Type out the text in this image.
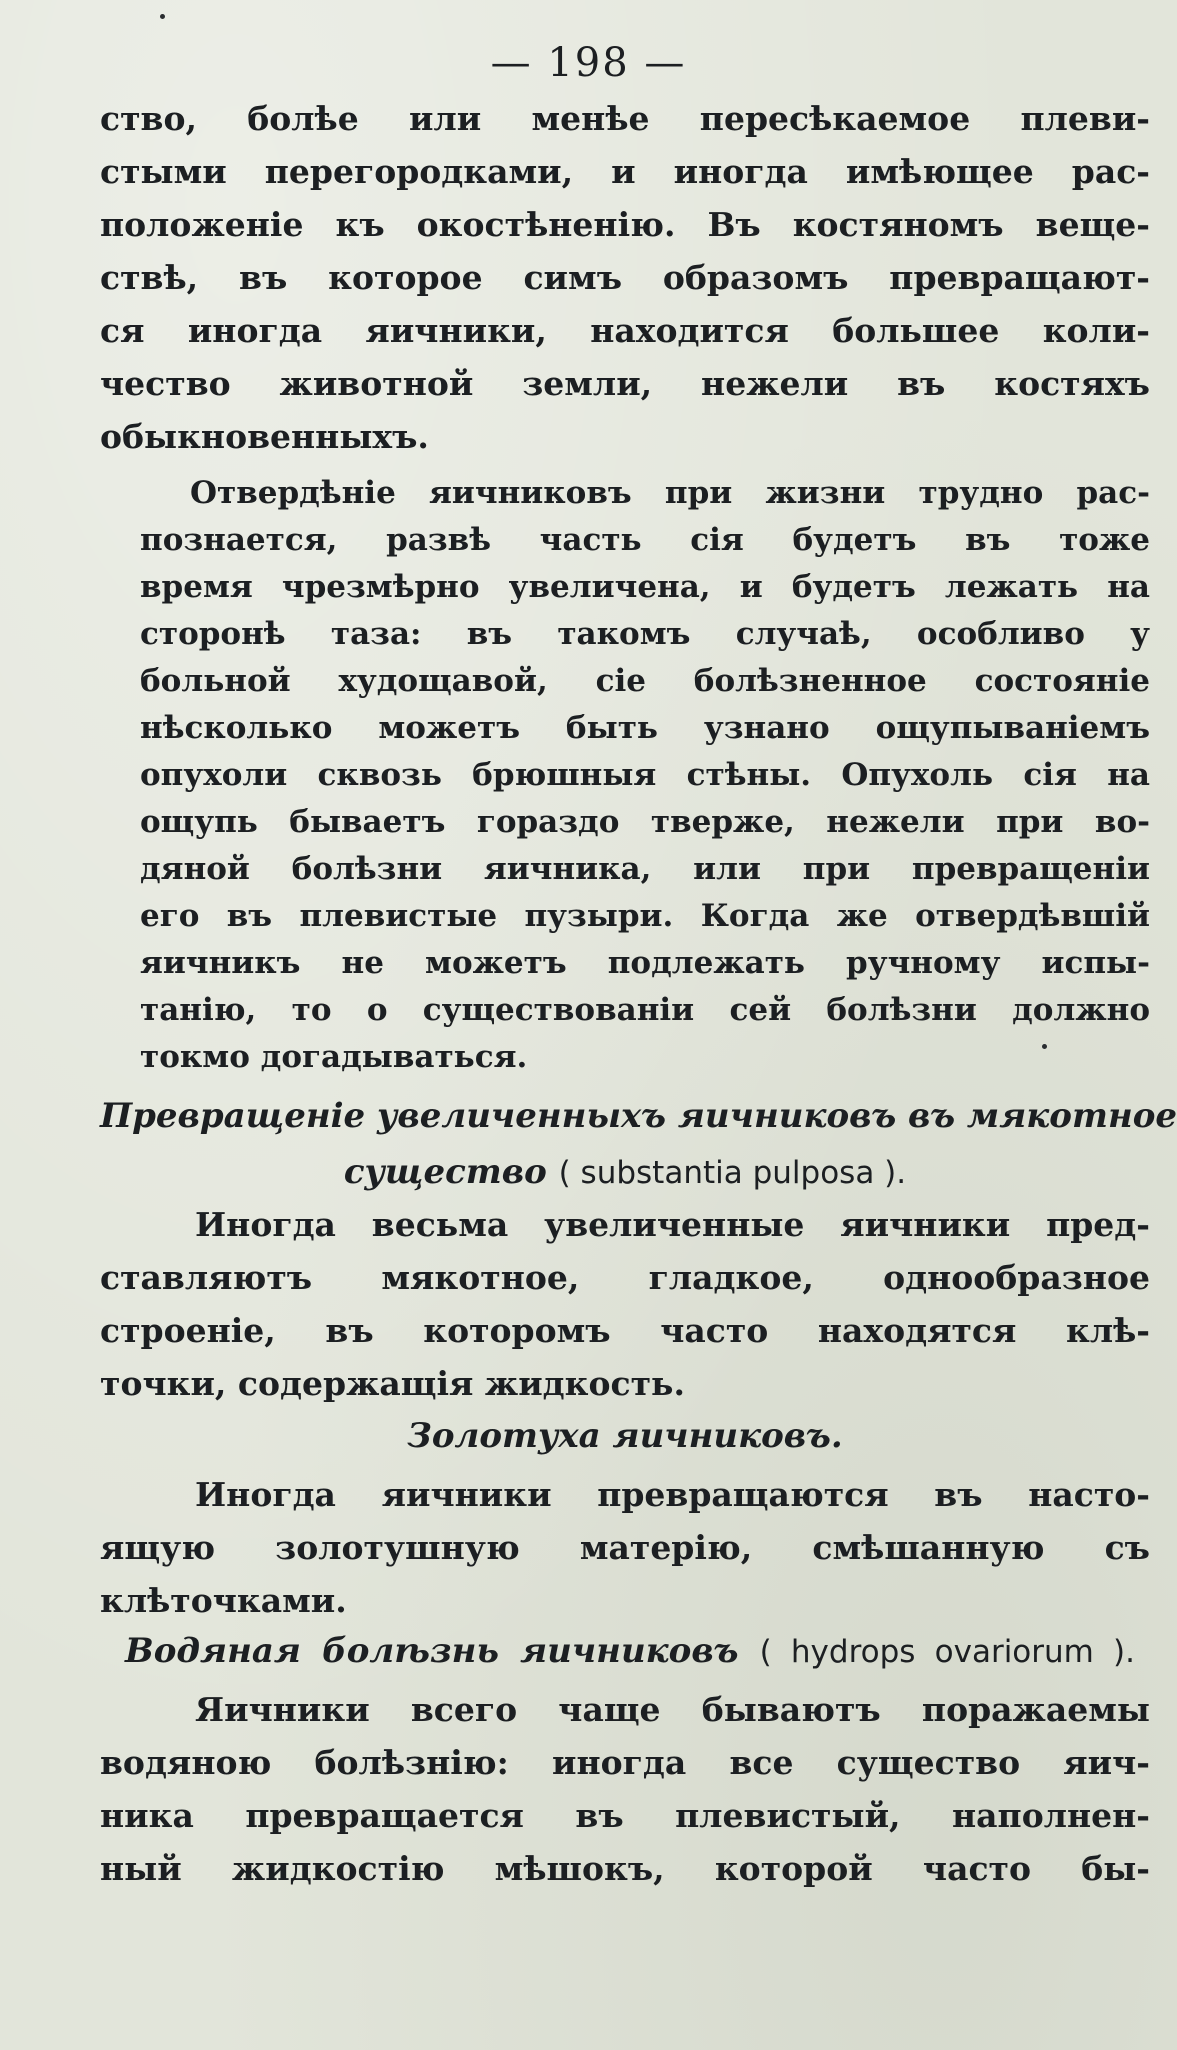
— 198 —
ство, болѣе или менѣе пересѣкаемое плеви-
стыми перегородками, и иногда имѣющее рас-
положенiе къ окостѣненiю. Въ костяномъ веще-
ствѣ, въ которое симъ образомъ превращают-
ся иногда яичники, находится большее коли-
чество животной земли, нежели въ костяхъ
обыкновенныхъ.
Отвердѣнiе яичниковъ при жизни трудно рас-
познается, развѣ часть сiя будетъ въ тоже
время чрезмѣрно увеличена, и будетъ лежать на
сторонѣ таза: въ такомъ случаѣ, особливо у
больной худощавой, сiе болѣзненное состоянiе
нѣсколько можетъ быть узнано ощупыванiемъ
опухоли сквозь брюшныя стѣны. Опухоль сiя на
ощупь бываетъ гораздо тверже, нежели при во-
дяной болѣзни яичника, или при превращенiи
его въ плевистые пузыри. Когда же отвердѣвшiй
яичникъ не можетъ подлежать ручному испы-
танiю, то о существованiи сей болѣзни должно
токмо догадываться.
Превращенiе увеличенныхъ яичниковъ въ мякотное
существо ( substantia pulposa ).
Иногда весьма увеличенные яичники пред-
ставляютъ мякотное, гладкое, однообразное
строенiе, въ которомъ часто находятся клѣ-
точки, содержащiя жидкость.
Золотуха яичниковъ.
Иногда яичники превращаются въ насто-
ящую золотушную матерiю, смѣшанную съ
клѣточками.
Водяная болѣзнь яичниковъ ( hydrops ovariorum ).
Яичники всего чаще бываютъ поражаемы
водяною болѣзнiю: иногда все существо яич-
ника превращается въ плевистый, наполнен-
ный жидкостiю мѣшокъ, которой часто бы-
